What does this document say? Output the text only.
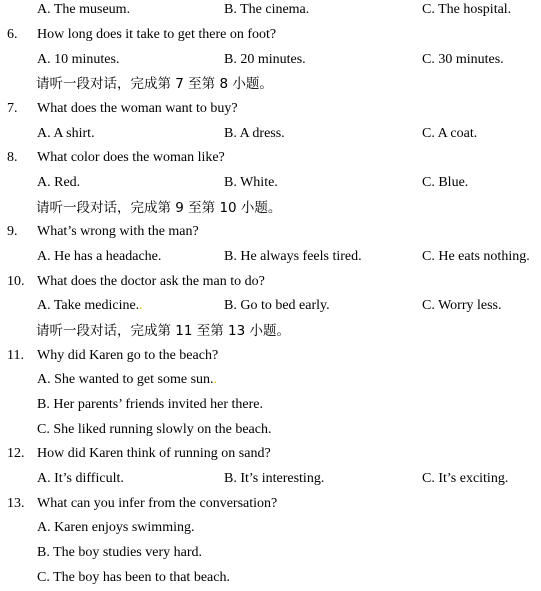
A. The museum.	B. The cinema.	C. The hospital.
6.	How long does it take to get there on foot?
A. 10 minutes.	B. 20 minutes.	C. 30 minutes.
请听一段对话，完成第 7 至第 8 小题。
7.	What does the woman want to buy?
A. A shirt.	B. A dress.	C. A coat.
8.	What color does the woman like?
A. Red.	B. White.	C. Blue.
请听一段对话，完成第 9 至第 10 小题。
9.	What’s wrong with the man?
A. He has a headache.	B. He always feels tired.	C. He eats nothing.
10. What does the doctor ask the man to do?
A. Take medicine..	B. Go to bed early.	C. Worry less.
请听一段对话，完成第 11 至第 13 小题。
11. Why did Karen go to the beach?
A. She wanted to get some sun..
B. Her parents’ friends invited her there.
C. She liked running slowly on the beach.
12. How did Karen think of running on sand?
A. It’s difficult.	B. It’s interesting.	C. It’s exciting.
13. What can you infer from the conversation?
A. Karen enjoys swimming.
B. The boy studies very hard.
C. The boy has been to that beach.
